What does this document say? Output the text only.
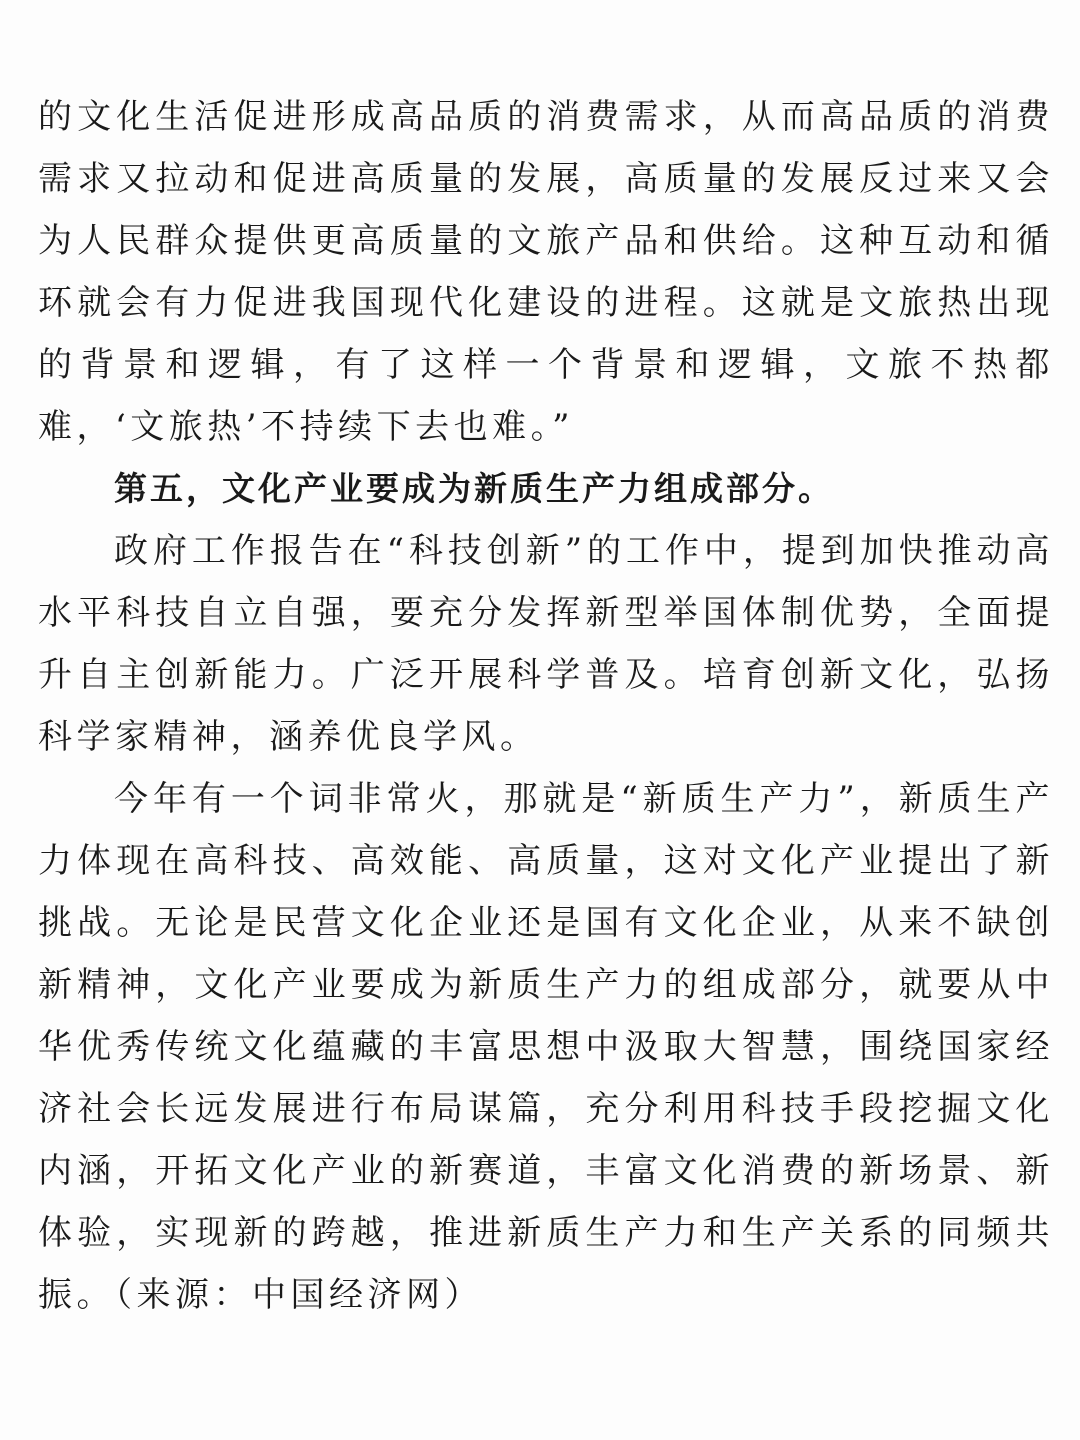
的文化生活促进形成高品质的消费需求，从而高品质的消费需求又拉动和促进高质量的发展，高质量的发展反过来又会为人民群众提供更高质量的文旅产品和供给。这种互动和循环就会有力促进我国现代化建设的进程。这就是文旅热出现的背景和逻辑，有了这样一个背景和逻辑，文旅不热都难，‘文旅热’不持续下去也难。”

第五，文化产业要成为新质生产力组成部分。

政府工作报告在“科技创新”的工作中，提到加快推动高水平科技自立自强，要充分发挥新型举国体制优势，全面提升自主创新能力。广泛开展科学普及。培育创新文化，弘扬科学家精神，涵养优良学风。

今年有一个词非常火，那就是“新质生产力”，新质生产力体现在高科技、高效能、高质量，这对文化产业提出了新挑战。无论是民营文化企业还是国有文化企业，从来不缺创新精神，文化产业要成为新质生产力的组成部分，就要从中华优秀传统文化蕴藏的丰富思想中汲取大智慧，围绕国家经济社会长远发展进行布局谋篇，充分利用科技手段挖掘文化内涵，开拓文化产业的新赛道，丰富文化消费的新场景、新体验，实现新的跨越，推进新质生产力和生产关系的同频共振。（来源：中国经济网）
